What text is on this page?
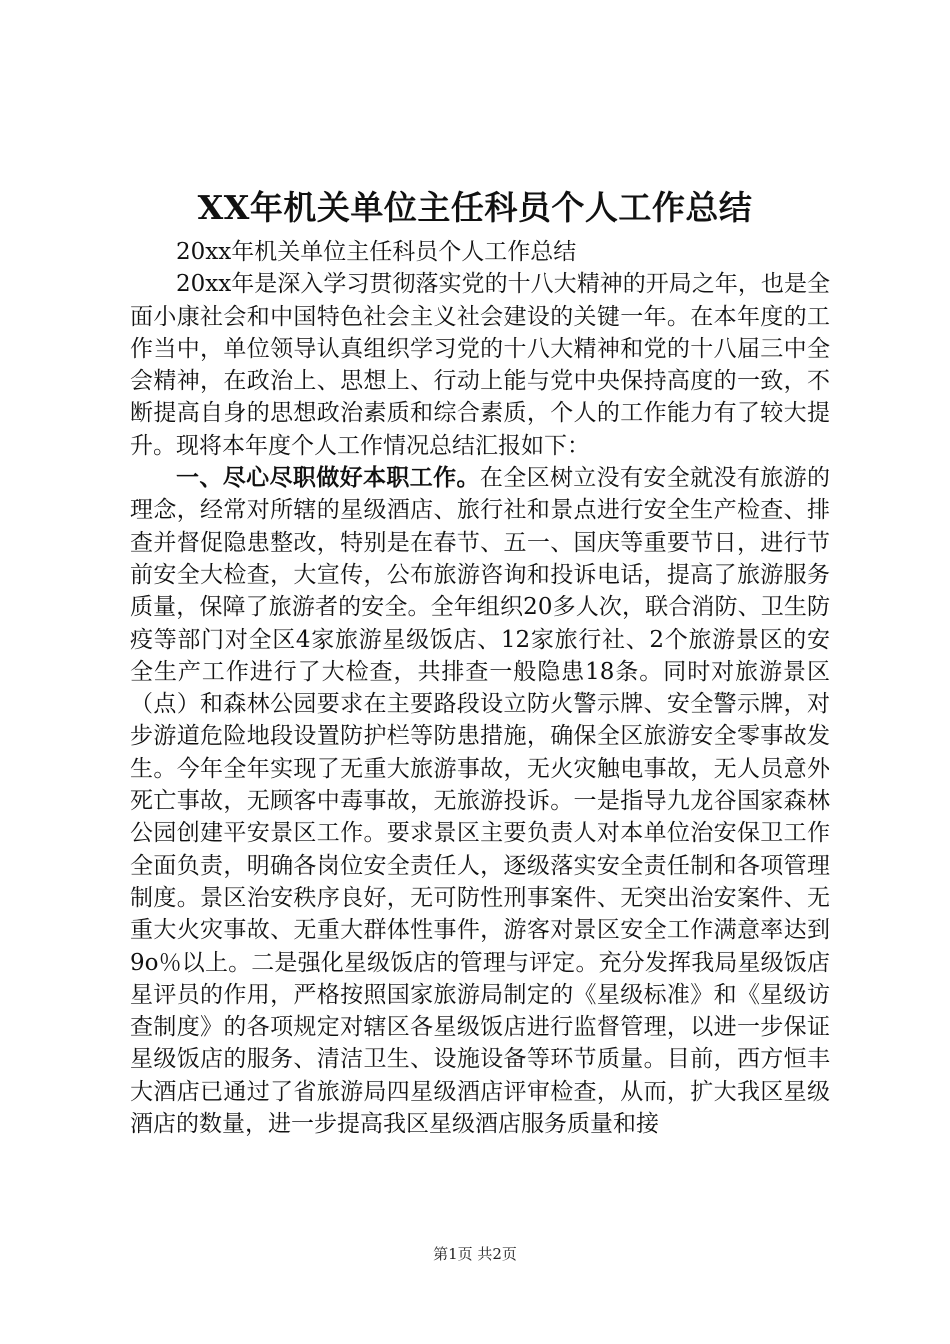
XX年机关单位主任科员个人工作总结

20xx年机关单位主任科员个人工作总结

20xx年是深入学习贯彻落实党的十八大精神的开局之年，也是全面小康社会和中国特色社会主义社会建设的关键一年。在本年度的工作当中，单位领导认真组织学习党的十八大精神和党的十八届三中全会精神，在政治上、思想上、行动上能与党中央保持高度的一致，不断提高自身的思想政治素质和综合素质，个人的工作能力有了较大提升。现将本年度个人工作情况总结汇报如下：

一、尽心尽职做好本职工作。在全区树立没有安全就没有旅游的理念，经常对所辖的星级酒店、旅行社和景点进行安全生产检查、排查并督促隐患整改，特别是在春节、五一、国庆等重要节日，进行节前安全大检查，大宣传，公布旅游咨询和投诉电话，提高了旅游服务质量，保障了旅游者的安全。全年组织20多人次，联合消防、卫生防疫等部门对全区4家旅游星级饭店、12家旅行社、2个旅游景区的安全生产工作进行了大检查，共排查一般隐患18条。同时对旅游景区（点）和森林公园要求在主要路段设立防火警示牌、安全警示牌，对步游道危险地段设置防护栏等防患措施，确保全区旅游安全零事故发生。今年全年实现了无重大旅游事故，无火灾触电事故，无人员意外死亡事故，无顾客中毒事故，无旅游投诉。一是指导九龙谷国家森林公园创建平安景区工作。要求景区主要负责人对本单位治安保卫工作全面负责，明确各岗位安全责任人，逐级落实安全责任制和各项管理制度。景区治安秩序良好，无可防性刑事案件、无突出治安案件、无重大火灾事故、无重大群体性事件，游客对景区安全工作满意率达到9o％以上。二是强化星级饭店的管理与评定。充分发挥我局星级饭店星评员的作用，严格按照国家旅游局制定的《星级标准》和《星级访查制度》的各项规定对辖区各星级饭店进行监督管理，以进一步保证星级饭店的服务、清洁卫生、设施设备等环节质量。目前，西方恒丰大酒店已通过了省旅游局四星级酒店评审检查，从而，扩大我区星级酒店的数量，进一步提高我区星级酒店服务质量和接

第1页 共2页
